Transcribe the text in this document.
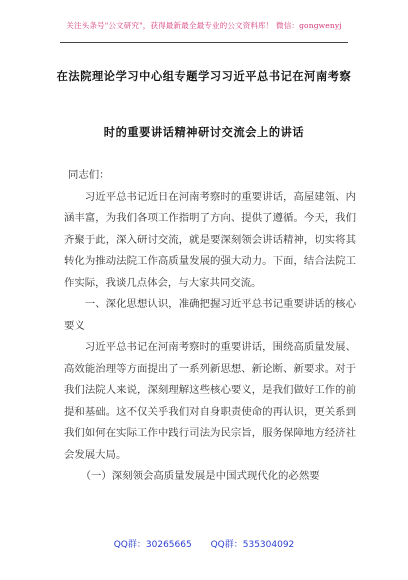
关注头条号"公文研究"，获得最新最全最专业的公文资料库！ 微信：gongwenyj
在法院理论学习中心组专题学习习近平总书记在河南考察
时的重要讲话精神研讨交流会上的讲话

同志们：

习近平总书记近日在河南考察时的重要讲话，高屋建瓴、内涵丰富，为我们各项工作指明了方向、提供了遵循。今天，我们齐聚于此，深入研讨交流，就是要深刻领会讲话精神，切实将其转化为推动法院工作高质量发展的强大动力。下面，结合法院工作实际，我谈几点体会，与大家共同交流。

一、深化思想认识，准确把握习近平总书记重要讲话的核心要义

习近平总书记在河南考察时的重要讲话，围绕高质量发展、高效能治理等方面提出了一系列新思想、新论断、新要求。对于我们法院人来说，深刻理解这些核心要义，是我们做好工作的前提和基础。这不仅关乎我们对自身职责使命的再认识，更关系到我们如何在实际工作中践行司法为民宗旨，服务保障地方经济社会发展大局。

（一）深刻领会高质量发展是中国式现代化的必然要

QQ群：30265665 QQ群：535304092
